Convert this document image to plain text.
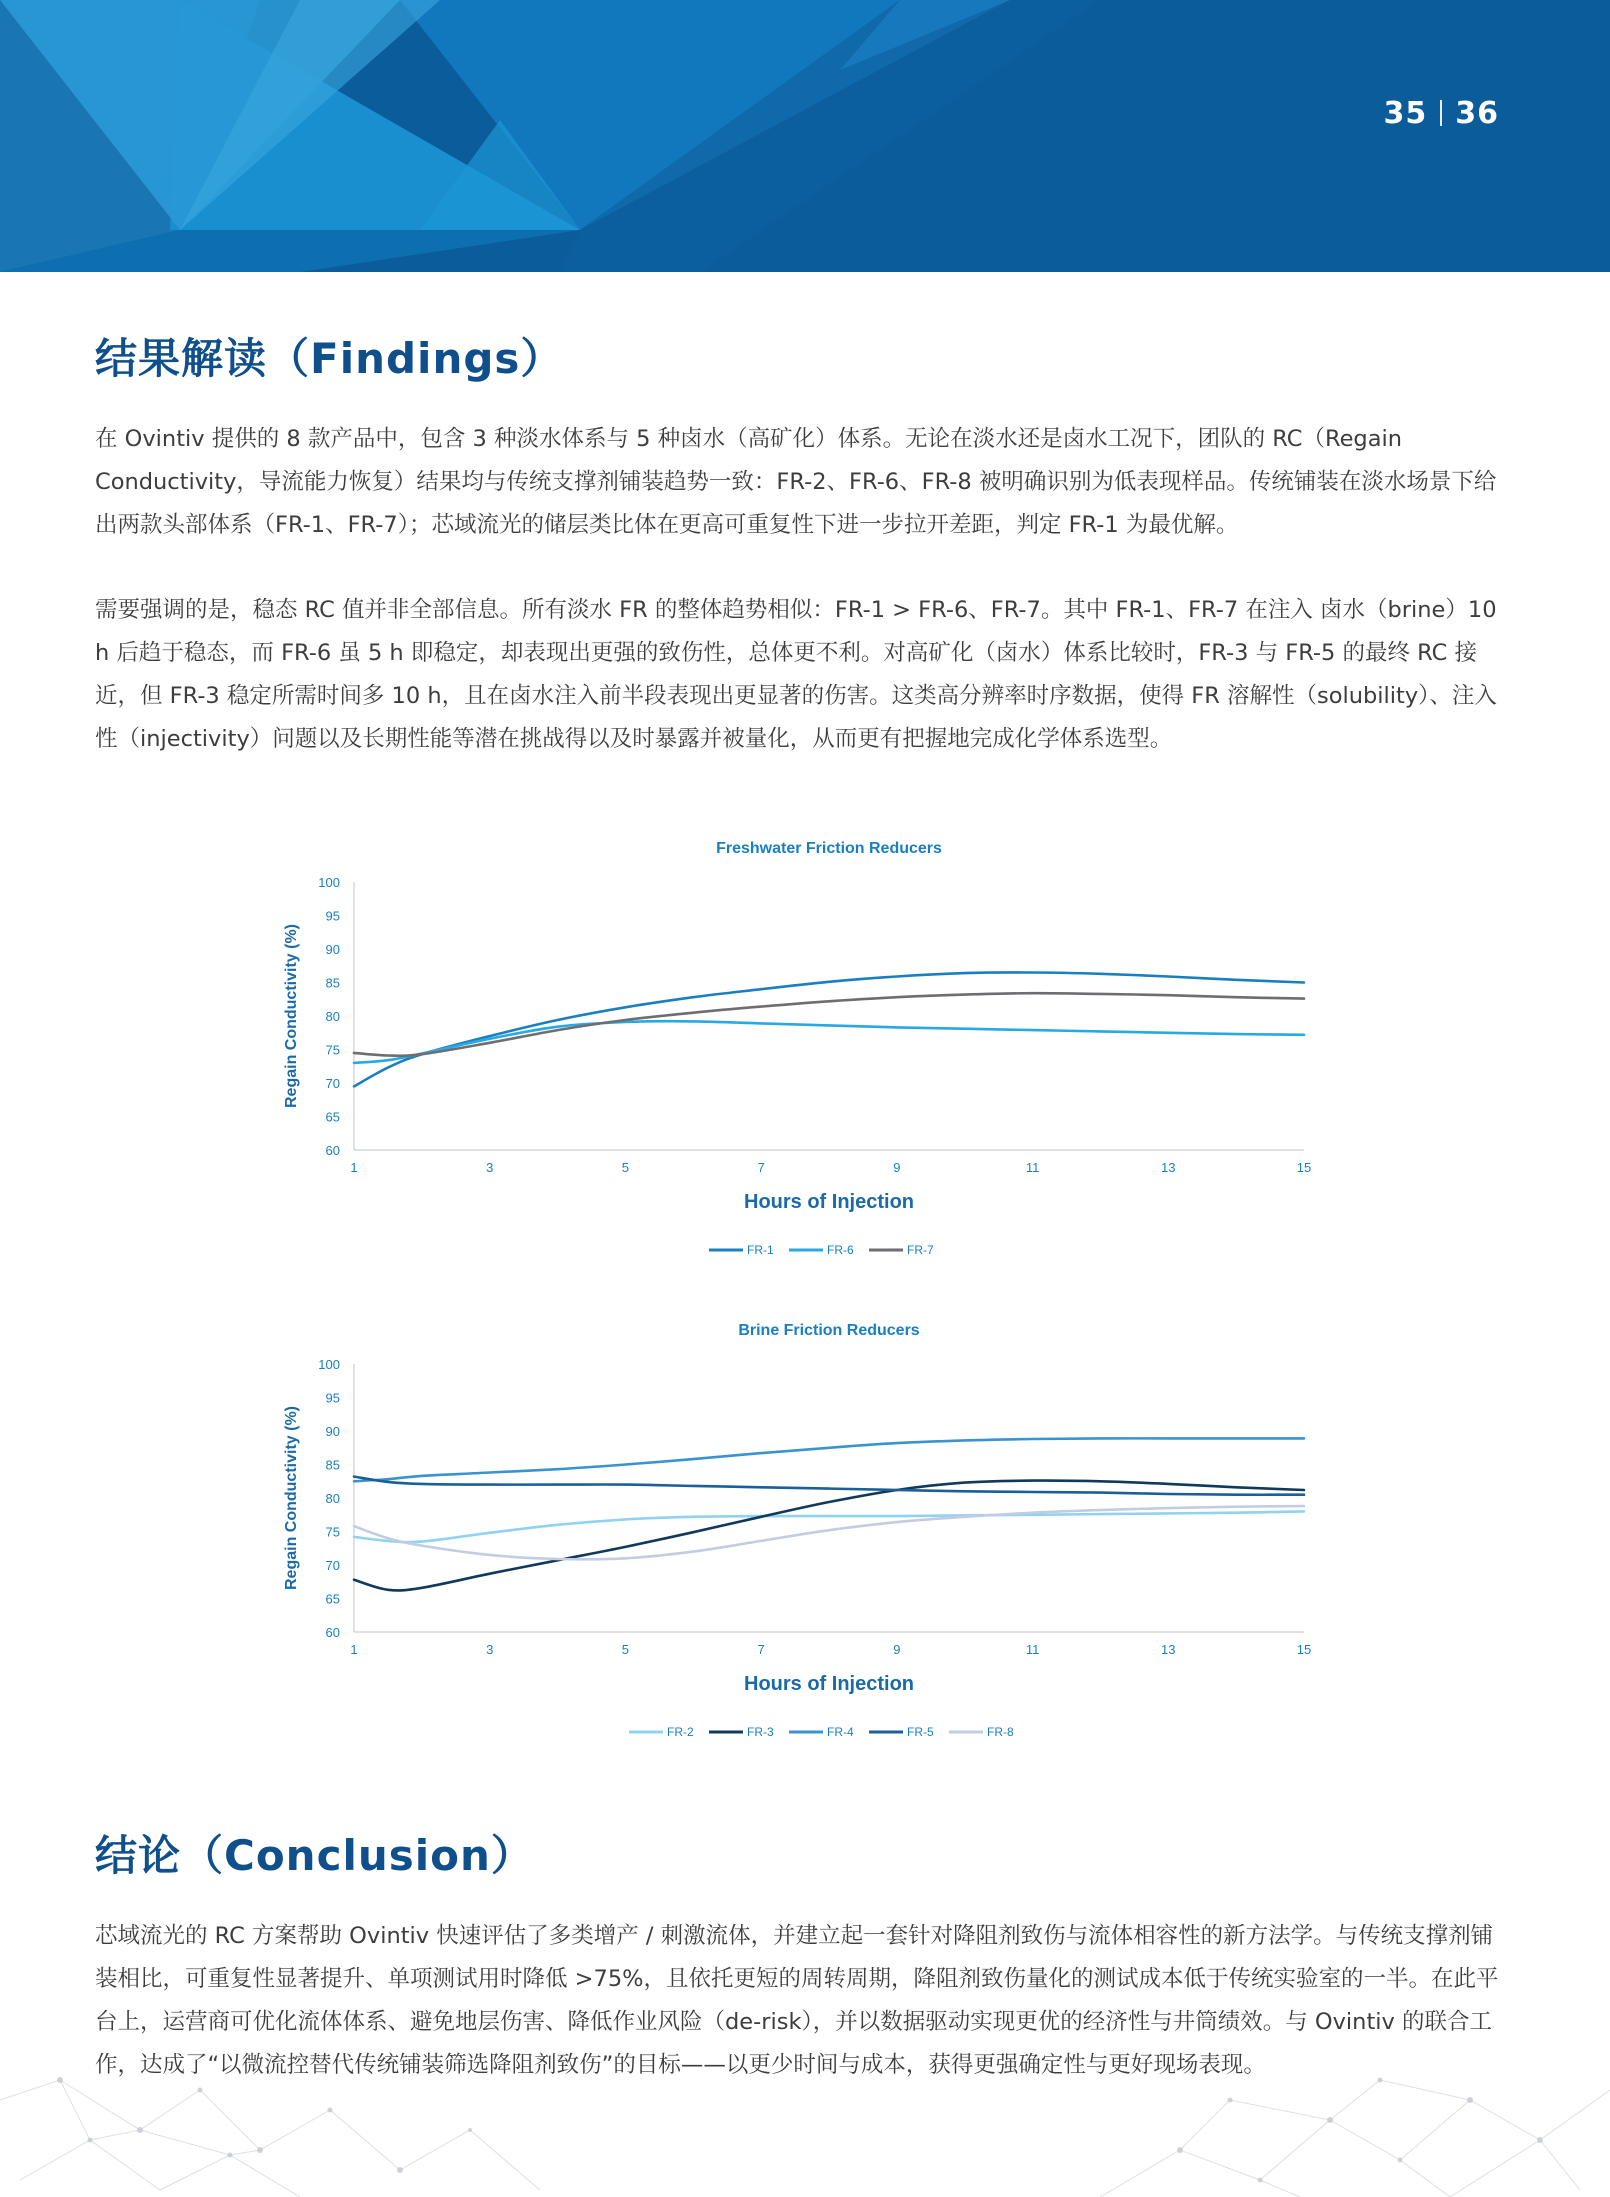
35 36
结果解读（Findings）

在 Ovintiv 提供的 8 款产品中，包含 3 种淡水体系与 5 种卤水（高矿化）体系。无论在淡水还是卤水工况下，团队的 RC（Regain Conductivity，导流能力恢复）结果均与传统支撑剂铺装趋势一致：FR-2、FR-6、FR-8 被明确识别为低表现样品。传统铺装在淡水场景下给出两款头部体系（FR-1、FR-7）；芯域流光的储层类比体在更高可重复性下进一步拉开差距，判定 FR-1 为最优解。

需要强调的是，稳态 RC 值并非全部信息。所有淡水 FR 的整体趋势相似：FR-1 > FR-6、FR-7。其中 FR-1、FR-7 在注入 卤水（brine）10 h 后趋于稳态，而 FR-6 虽 5 h 即稳定，却表现出更强的致伤性，总体更不利。对高矿化（卤水）体系比较时，FR-3 与 FR-5 的最终 RC 接近，但 FR-3 稳定所需时间多 10 h，且在卤水注入前半段表现出更显著的伤害。这类高分辨率时序数据，使得 FR 溶解性（solubility）、注入性（injectivity）问题以及长期性能等潜在挑战得以及时暴露并被量化，从而更有把握地完成化学体系选型。

Freshwater Friction Reducers
60
65
70
75
80
85
90
95
100
1	3	5	7	9	11	13	15
Hours of Injection
Regain Conductivity (%)
FR-1	FR-6	FR-7
Brine Friction Reducers
60
65
70
75
80
85
90
95
100
1	3	5	7	9	11	13	15
Hours of Injection
Regain Conductivity (%)
FR-2	FR-3	FR-4	FR-5	FR-8
结论（Conclusion）

芯域流光的 RC 方案帮助 Ovintiv 快速评估了多类增产 / 刺激流体，并建立起一套针对降阻剂致伤与流体相容性的新方法学。与传统支撑剂铺装相比，可重复性显著提升、单项测试用时降低 >75%，且依托更短的周转周期，降阻剂致伤量化的测试成本低于传统实验室的一半。在此平台上，运营商可优化流体体系、避免地层伤害、降低作业风险（de-risk），并以数据驱动实现更优的经济性与井筒绩效。与 Ovintiv 的联合工作，达成了“以微流控替代传统铺装筛选降阻剂致伤”的目标——以更少时间与成本，获得更强确定性与更好现场表现。
